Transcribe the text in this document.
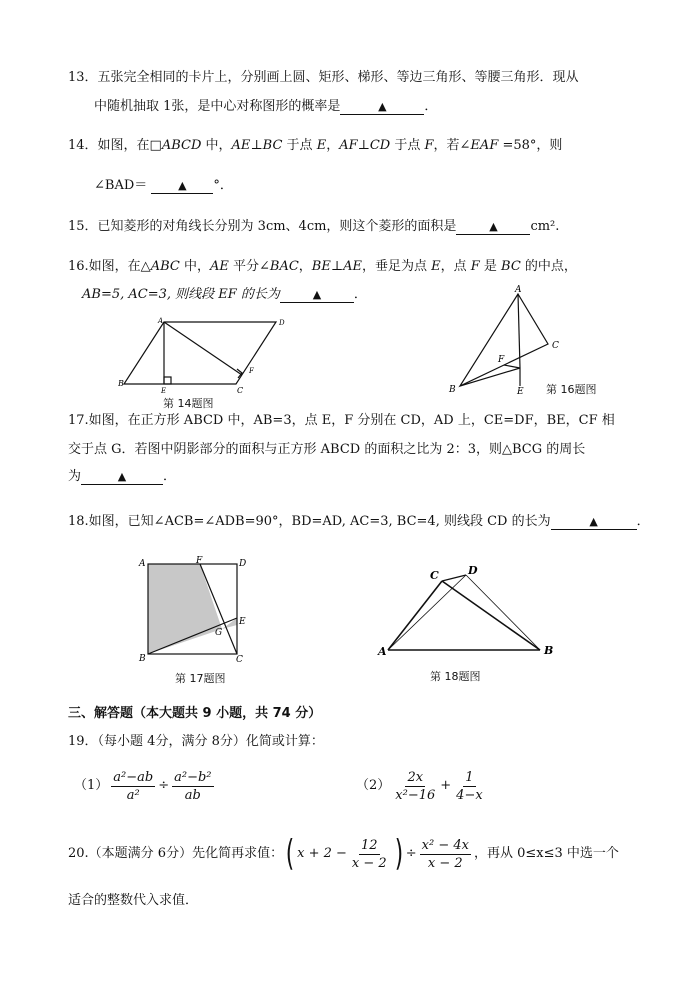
13．五张完全相同的卡片上，分别画上圆、矩形、梯形、等边三角形、等腰三角形．现从
中随机抽取 1张，是中心对称图形的概率是	▲	．
14．如图，在□ABCD 中，AE⊥BC 于点 E，AF⊥CD 于点 F，若∠EAF =58°，则
∠BAD＝	▲ °．
15．已知菱形的对角线长分别为 3cm、4cm，则这个菱形的面积是	▲	cm².
16.如图，在△ABC 中，AE 平分∠BAC，BE⊥AE，垂足为点 E，点 F 是 BC 的中点，
AB=5, AC=3, 则线段 EF 的长为	▲	．
A	D
B
E	C
F
第 14题图
A
B
C
E
F
第 16题图
17.如图，在正方形 ABCD 中，AB=3，点 E，F 分别在 CD，AD 上，CE=DF，BE，CF 相
交于点 G．若图中阴影部分的面积与正方形 ABCD 的面积之比为 2：3，则△BCG 的周长
为	▲	．
18.如图，已知∠ACB=∠ADB=90°，BD=AD, AC=3, BC=4, 则线段 CD 的长为	▲	．
A	F	D
E
G
B	C
第 17题图
A	B
C	D
第 18题图
三、解答题（本大题共 9 小题，共 74 分）
19．（每小题 4分，满分 8分）化简或计算：
$(1) \frac{\text{a²−ab}}{\text{a²}} \div \frac{\text{a²−b²}}{ab}$	$(2) \frac{2x}{\text{x²−16}} + \frac{1}{4-x}$
20.（本题满分 6分）先化简再求值： ( $x + 2 - \frac{12}{x - 2}$ ) ÷ $\frac{\text{x² − 4x}}{x - 2}$ ，再从 0≤x≤3 中选一个
适合的整数代入求值．
